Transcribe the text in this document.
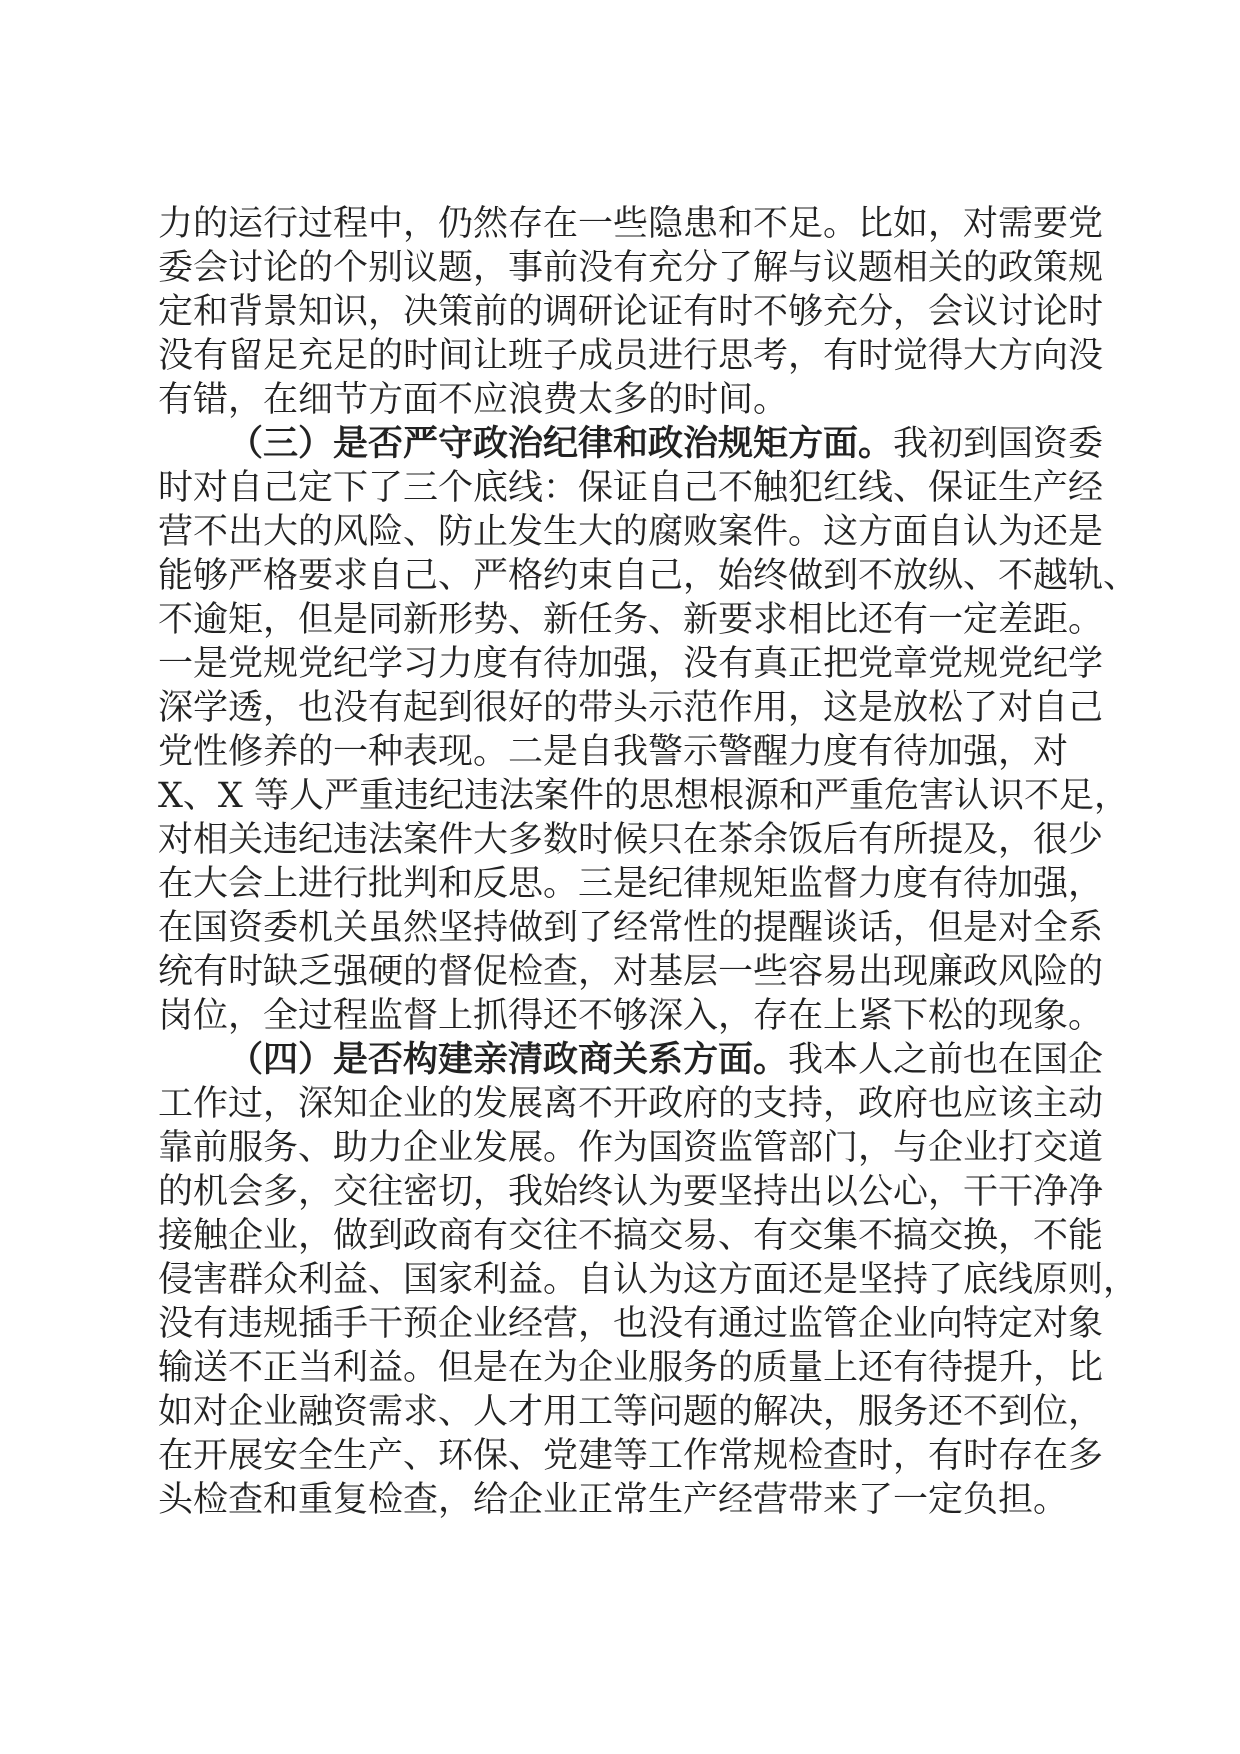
力的运行过程中，仍然存在一些隐患和不足。比如，对需要党
委会讨论的个别议题，事前没有充分了解与议题相关的政策规
定和背景知识，决策前的调研论证有时不够充分，会议讨论时
没有留足充足的时间让班子成员进行思考，有时觉得大方向没
有错，在细节方面不应浪费太多的时间。

（三）是否严守政治纪律和政治规矩方面。我初到国资委
时对自己定下了三个底线：保证自己不触犯红线、保证生产经
营不出大的风险、防止发生大的腐败案件。这方面自认为还是
能够严格要求自己、严格约束自己，始终做到不放纵、不越轨、
不逾矩，但是同新形势、新任务、新要求相比还有一定差距。
一是党规党纪学习力度有待加强，没有真正把党章党规党纪学
深学透，也没有起到很好的带头示范作用，这是放松了对自己
党性修养的一种表现。二是自我警示警醒力度有待加强，对
X、X 等人严重违纪违法案件的思想根源和严重危害认识不足，
对相关违纪违法案件大多数时候只在茶余饭后有所提及，很少
在大会上进行批判和反思。三是纪律规矩监督力度有待加强，
在国资委机关虽然坚持做到了经常性的提醒谈话，但是对全系
统有时缺乏强硬的督促检查，对基层一些容易出现廉政风险的
岗位，全过程监督上抓得还不够深入，存在上紧下松的现象。

（四）是否构建亲清政商关系方面。我本人之前也在国企
工作过，深知企业的发展离不开政府的支持，政府也应该主动
靠前服务、助力企业发展。作为国资监管部门，与企业打交道
的机会多，交往密切，我始终认为要坚持出以公心，干干净净
接触企业，做到政商有交往不搞交易、有交集不搞交换，不能
侵害群众利益、国家利益。自认为这方面还是坚持了底线原则，
没有违规插手干预企业经营，也没有通过监管企业向特定对象
输送不正当利益。但是在为企业服务的质量上还有待提升，比
如对企业融资需求、人才用工等问题的解决，服务还不到位，
在开展安全生产、环保、党建等工作常规检查时，有时存在多
头检查和重复检查，给企业正常生产经营带来了一定负担。
